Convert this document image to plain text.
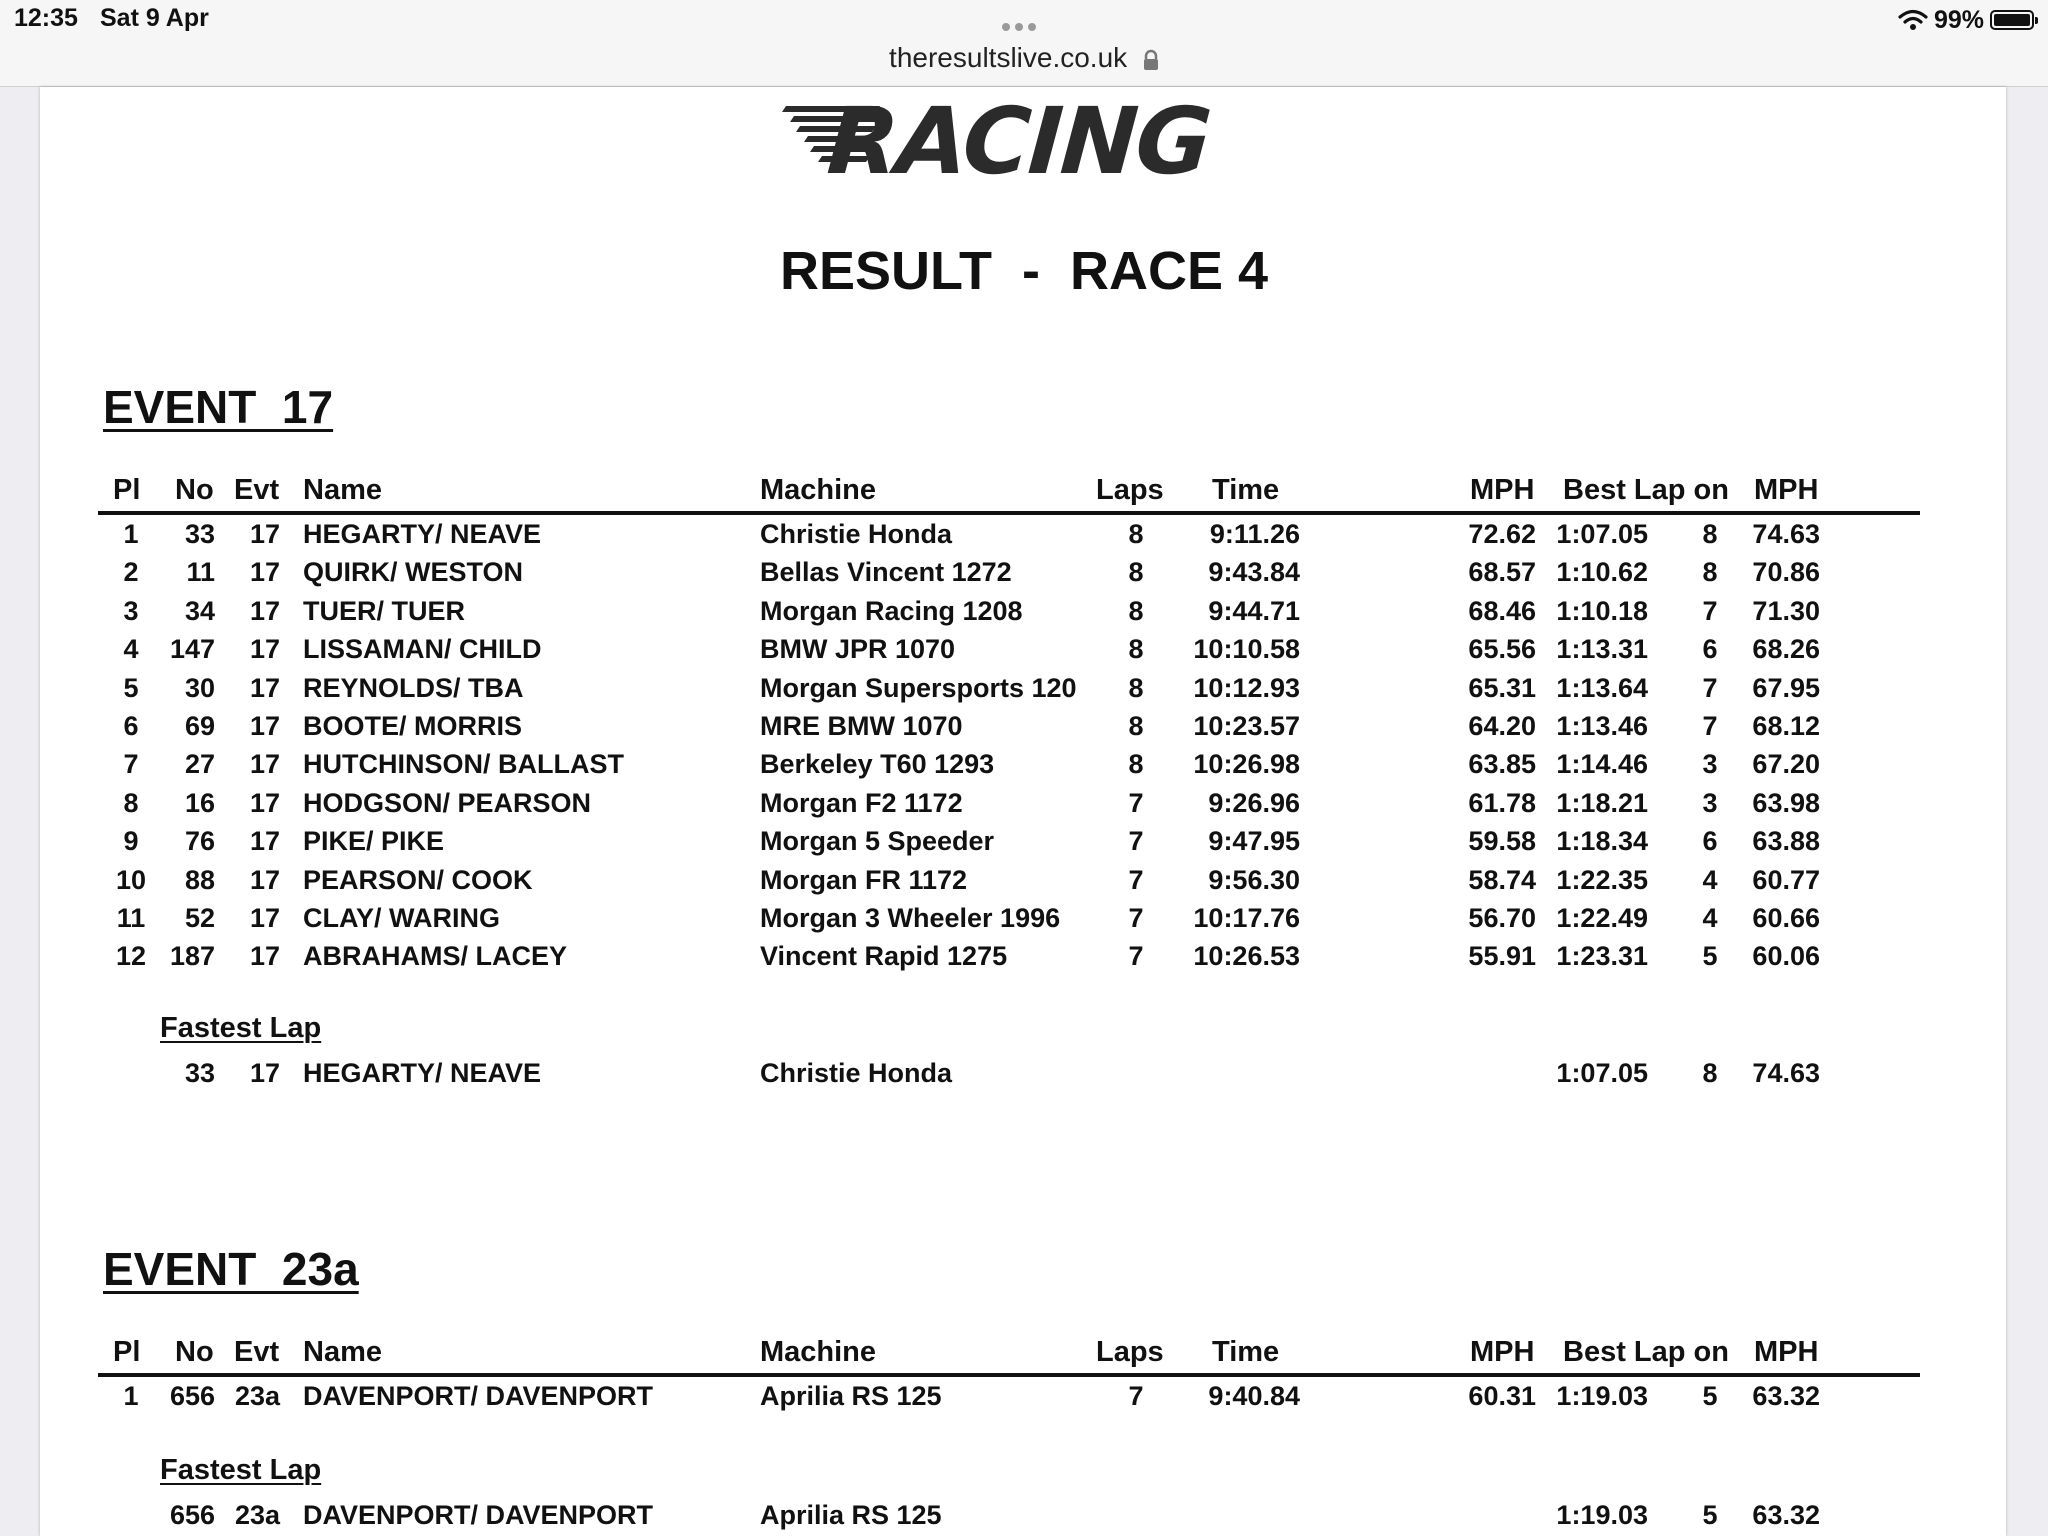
12:35 Sat 9 Apr
theresultslive.co.uk
99%
RACING
RESULT  -  RACE 4
EVENT  17
Pl No Evt Name	Machine	Laps Time	MPH Best Lap on MPH
1	33	17 HEGARTY/ NEAVE	Christie Honda	8	9:11.26	72.62 1:07.05	8	74.63
2	11	17 QUIRK/ WESTON	Bellas Vincent 1272	8	9:43.84	68.57 1:10.62	8	70.86
3	34	17 TUER/ TUER	Morgan Racing 1208	8	9:44.71	68.46 1:10.18	7	71.30
4	147	17 LISSAMAN/ CHILD	BMW JPR 1070	8	10:10.58	65.56 1:13.31	6	68.26
5	30	17 REYNOLDS/ TBA	Morgan Supersports 120	8	10:12.93	65.31 1:13.64	7	67.95
6	69	17 BOOTE/ MORRIS	MRE BMW 1070	8	10:23.57	64.20 1:13.46	7	68.12
7	27	17 HUTCHINSON/ BALLAST	Berkeley T60 1293	8	10:26.98	63.85 1:14.46	3	67.20
8	16	17 HODGSON/ PEARSON	Morgan F2 1172	7	9:26.96	61.78 1:18.21	3	63.98
9	76	17 PIKE/ PIKE	Morgan 5 Speeder	7	9:47.95	59.58 1:18.34	6	63.88
10	88	17 PEARSON/ COOK	Morgan FR 1172	7	9:56.30	58.74 1:22.35	4	60.77
11	52	17 CLAY/ WARING	Morgan 3 Wheeler 1996	7	10:17.76	56.70 1:22.49	4	60.66
12 187	17 ABRAHAMS/ LACEY	Vincent Rapid 1275	7	10:26.53	55.91 1:23.31	5	60.06
Fastest Lap
33	17 HEGARTY/ NEAVE	Christie Honda	1:07.05	8	74.63
EVENT  23a
Pl No Evt Name	Machine	Laps Time	MPH Best Lap on MPH
1	656 23a DAVENPORT/ DAVENPORT	Aprilia RS 125	7	9:40.84	60.31 1:19.03	5	63.32
Fastest Lap
656 23a DAVENPORT/ DAVENPORT	Aprilia RS 125	1:19.03	5	63.32
